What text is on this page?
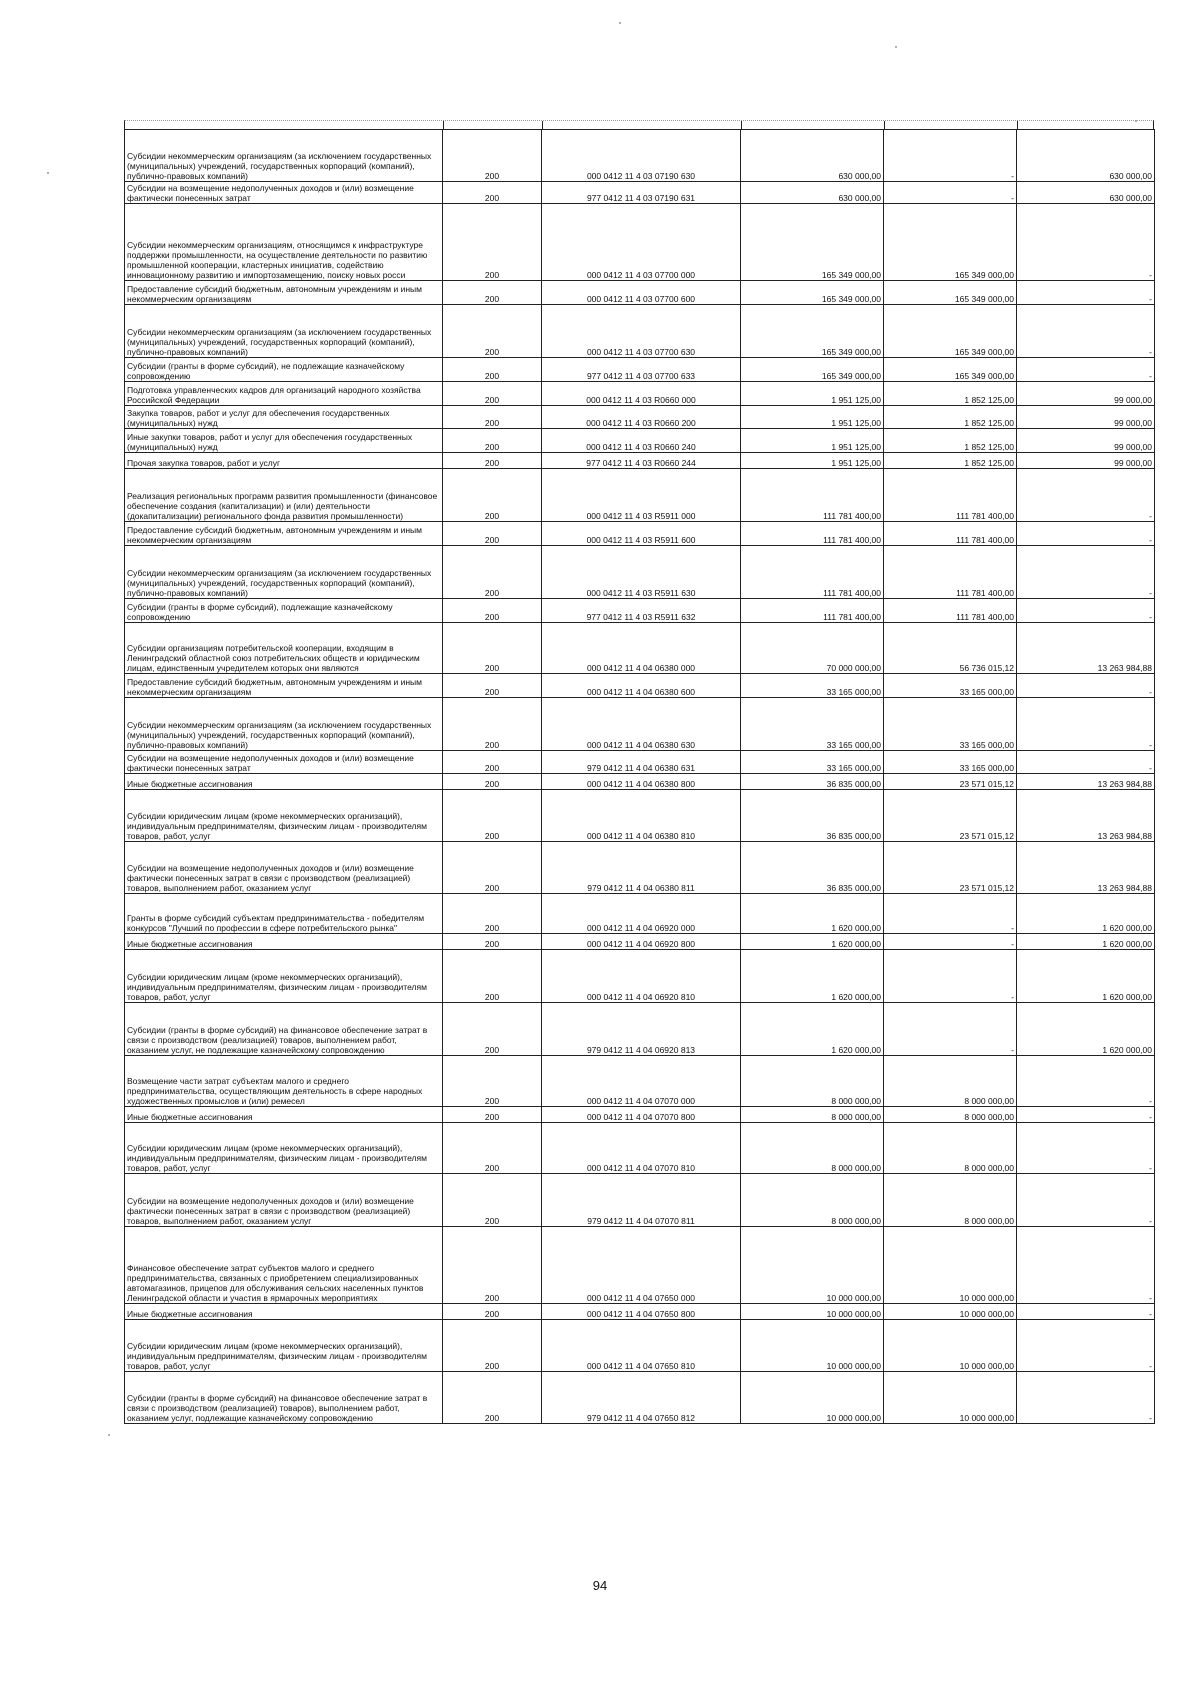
Субсидии некоммерческим организациям (за исключением государственных (муниципальных) учреждений, государственных корпораций (компаний), публично-правовых компаний)	200	000 0412 11 4 03 07190 630	630 000,00	-	630 000,00
Субсидии на возмещение недополученных доходов и (или) возмещение фактически понесенных затрат	200	977 0412 11 4 03 07190 631	630 000,00	-	630 000,00
Субсидии некоммерческим организациям, относящимся к инфраструктуре поддержки промышленности, на осуществление деятельности по развитию промышленной кооперации, кластерных инициатив, содействию инновационному развитию и импортозамещению, поиску новых росси	200	000 0412 11 4 03 07700 000	165 349 000,00	165 349 000,00	-
Предоставление субсидий бюджетным, автономным учреждениям и иным некоммерческим организациям	200	000 0412 11 4 03 07700 600	165 349 000,00	165 349 000,00	-
Субсидии некоммерческим организациям (за исключением государственных (муниципальных) учреждений, государственных корпораций (компаний), публично-правовых компаний)	200	000 0412 11 4 03 07700 630	165 349 000,00	165 349 000,00	-
Субсидии (гранты в форме субсидий), не подлежащие казначейскому сопровождению	200	977 0412 11 4 03 07700 633	165 349 000,00	165 349 000,00	-
Подготовка управленческих кадров для организаций народного хозяйства Российской Федерации	200	000 0412 11 4 03 R0660 000	1 951 125,00	1 852 125,00	99 000,00
Закупка товаров, работ и услуг для обеспечения государственных (муниципальных) нужд	200	000 0412 11 4 03 R0660 200	1 951 125,00	1 852 125,00	99 000,00
Иные закупки товаров, работ и услуг для обеспечения государственных (муниципальных) нужд	200	000 0412 11 4 03 R0660 240	1 951 125,00	1 852 125,00	99 000,00
Прочая закупка товаров, работ и услуг	200	977 0412 11 4 03 R0660 244	1 951 125,00	1 852 125,00	99 000,00
Реализация региональных программ развития промышленности (финансовое обеспечение создания (капитализации) и (или) деятельности (докапитализации) регионального фонда развития промышленности)	200	000 0412 11 4 03 R5911 000	111 781 400,00	111 781 400,00	-
Предоставление субсидий бюджетным, автономным учреждениям и иным некоммерческим организациям	200	000 0412 11 4 03 R5911 600	111 781 400,00	111 781 400,00	-
Субсидии некоммерческим организациям (за исключением государственных (муниципальных) учреждений, государственных корпораций (компаний), публично-правовых компаний)	200	000 0412 11 4 03 R5911 630	111 781 400,00	111 781 400,00	-
Субсидии (гранты в форме субсидий), подлежащие казначейскому сопровождению	200	977 0412 11 4 03 R5911 632	111 781 400,00	111 781 400,00	-
Субсидии организациям потребительской кооперации, входящим в Ленинградский областной союз потребительских обществ и юридическим лицам, единственным учредителем которых они являются	200	000 0412 11 4 04 06380 000	70 000 000,00	56 736 015,12	13 263 984,88
Предоставление субсидий бюджетным, автономным учреждениям и иным некоммерческим организациям	200	000 0412 11 4 04 06380 600	33 165 000,00	33 165 000,00	-
Субсидии некоммерческим организациям (за исключением государственных (муниципальных) учреждений, государственных корпораций (компаний), публично-правовых компаний)	200	000 0412 11 4 04 06380 630	33 165 000,00	33 165 000,00	-
Субсидии на возмещение недополученных доходов и (или) возмещение фактически понесенных затрат	200	979 0412 11 4 04 06380 631	33 165 000,00	33 165 000,00	-
Иные бюджетные ассигнования	200	000 0412 11 4 04 06380 800	36 835 000,00	23 571 015,12	13 263 984,88
Субсидии юридическим лицам (кроме некоммерческих организаций), индивидуальным предпринимателям, физическим лицам - производителям товаров, работ, услуг	200	000 0412 11 4 04 06380 810	36 835 000,00	23 571 015,12	13 263 984,88
Субсидии на возмещение недополученных доходов и (или) возмещение фактически понесенных затрат в связи с производством (реализацией) товаров, выполнением работ, оказанием услуг	200	979 0412 11 4 04 06380 811	36 835 000,00	23 571 015,12	13 263 984,88
Гранты в форме субсидий субъектам предпринимательства - победителям конкурсов "Лучший по профессии в сфере потребительского рынка"	200	000 0412 11 4 04 06920 000	1 620 000,00	-	1 620 000,00
Иные бюджетные ассигнования	200	000 0412 11 4 04 06920 800	1 620 000,00	-	1 620 000,00
Субсидии юридическим лицам (кроме некоммерческих организаций), индивидуальным предпринимателям, физическим лицам - производителям товаров, работ, услуг	200	000 0412 11 4 04 06920 810	1 620 000,00	-	1 620 000,00
Субсидии (гранты в форме субсидий) на финансовое обеспечение затрат в связи с производством (реализацией) товаров, выполнением работ, оказанием услуг, не подлежащие казначейскому сопровождению	200	979 0412 11 4 04 06920 813	1 620 000,00	-	1 620 000,00
Возмещение части затрат субъектам малого и среднего предпринимательства, осуществляющим деятельность в сфере народных художественных промыслов и (или) ремесел	200	000 0412 11 4 04 07070 000	8 000 000,00	8 000 000,00	-
Иные бюджетные ассигнования	200	000 0412 11 4 04 07070 800	8 000 000,00	8 000 000,00	-
Субсидии юридическим лицам (кроме некоммерческих организаций), индивидуальным предпринимателям, физическим лицам - производителям товаров, работ, услуг	200	000 0412 11 4 04 07070 810	8 000 000,00	8 000 000,00	-
Субсидии на возмещение недополученных доходов и (или) возмещение фактически понесенных затрат в связи с производством (реализацией) товаров, выполнением работ, оказанием услуг	200	979 0412 11 4 04 07070 811	8 000 000,00	8 000 000,00	-
Финансовое обеспечение затрат субъектов малого и среднего предпринимательства, связанных с приобретением специализированных автомагазинов, прицепов для обслуживания сельских населенных пунктов Ленинградской области и участия в ярмарочных мероприятиях	200	000 0412 11 4 04 07650 000	10 000 000,00	10 000 000,00	-
Иные бюджетные ассигнования	200	000 0412 11 4 04 07650 800	10 000 000,00	10 000 000,00	-
Субсидии юридическим лицам (кроме некоммерческих организаций), индивидуальным предпринимателям, физическим лицам - производителям товаров, работ, услуг	200	000 0412 11 4 04 07650 810	10 000 000,00	10 000 000,00	-
Субсидии (гранты в форме субсидий) на финансовое обеспечение затрат в связи с производством (реализацией) товаров), выполнением работ, оказанием услуг, подлежащие казначейскому сопровождению	200	979 0412 11 4 04 07650 812	10 000 000,00	10 000 000,00	-
94
